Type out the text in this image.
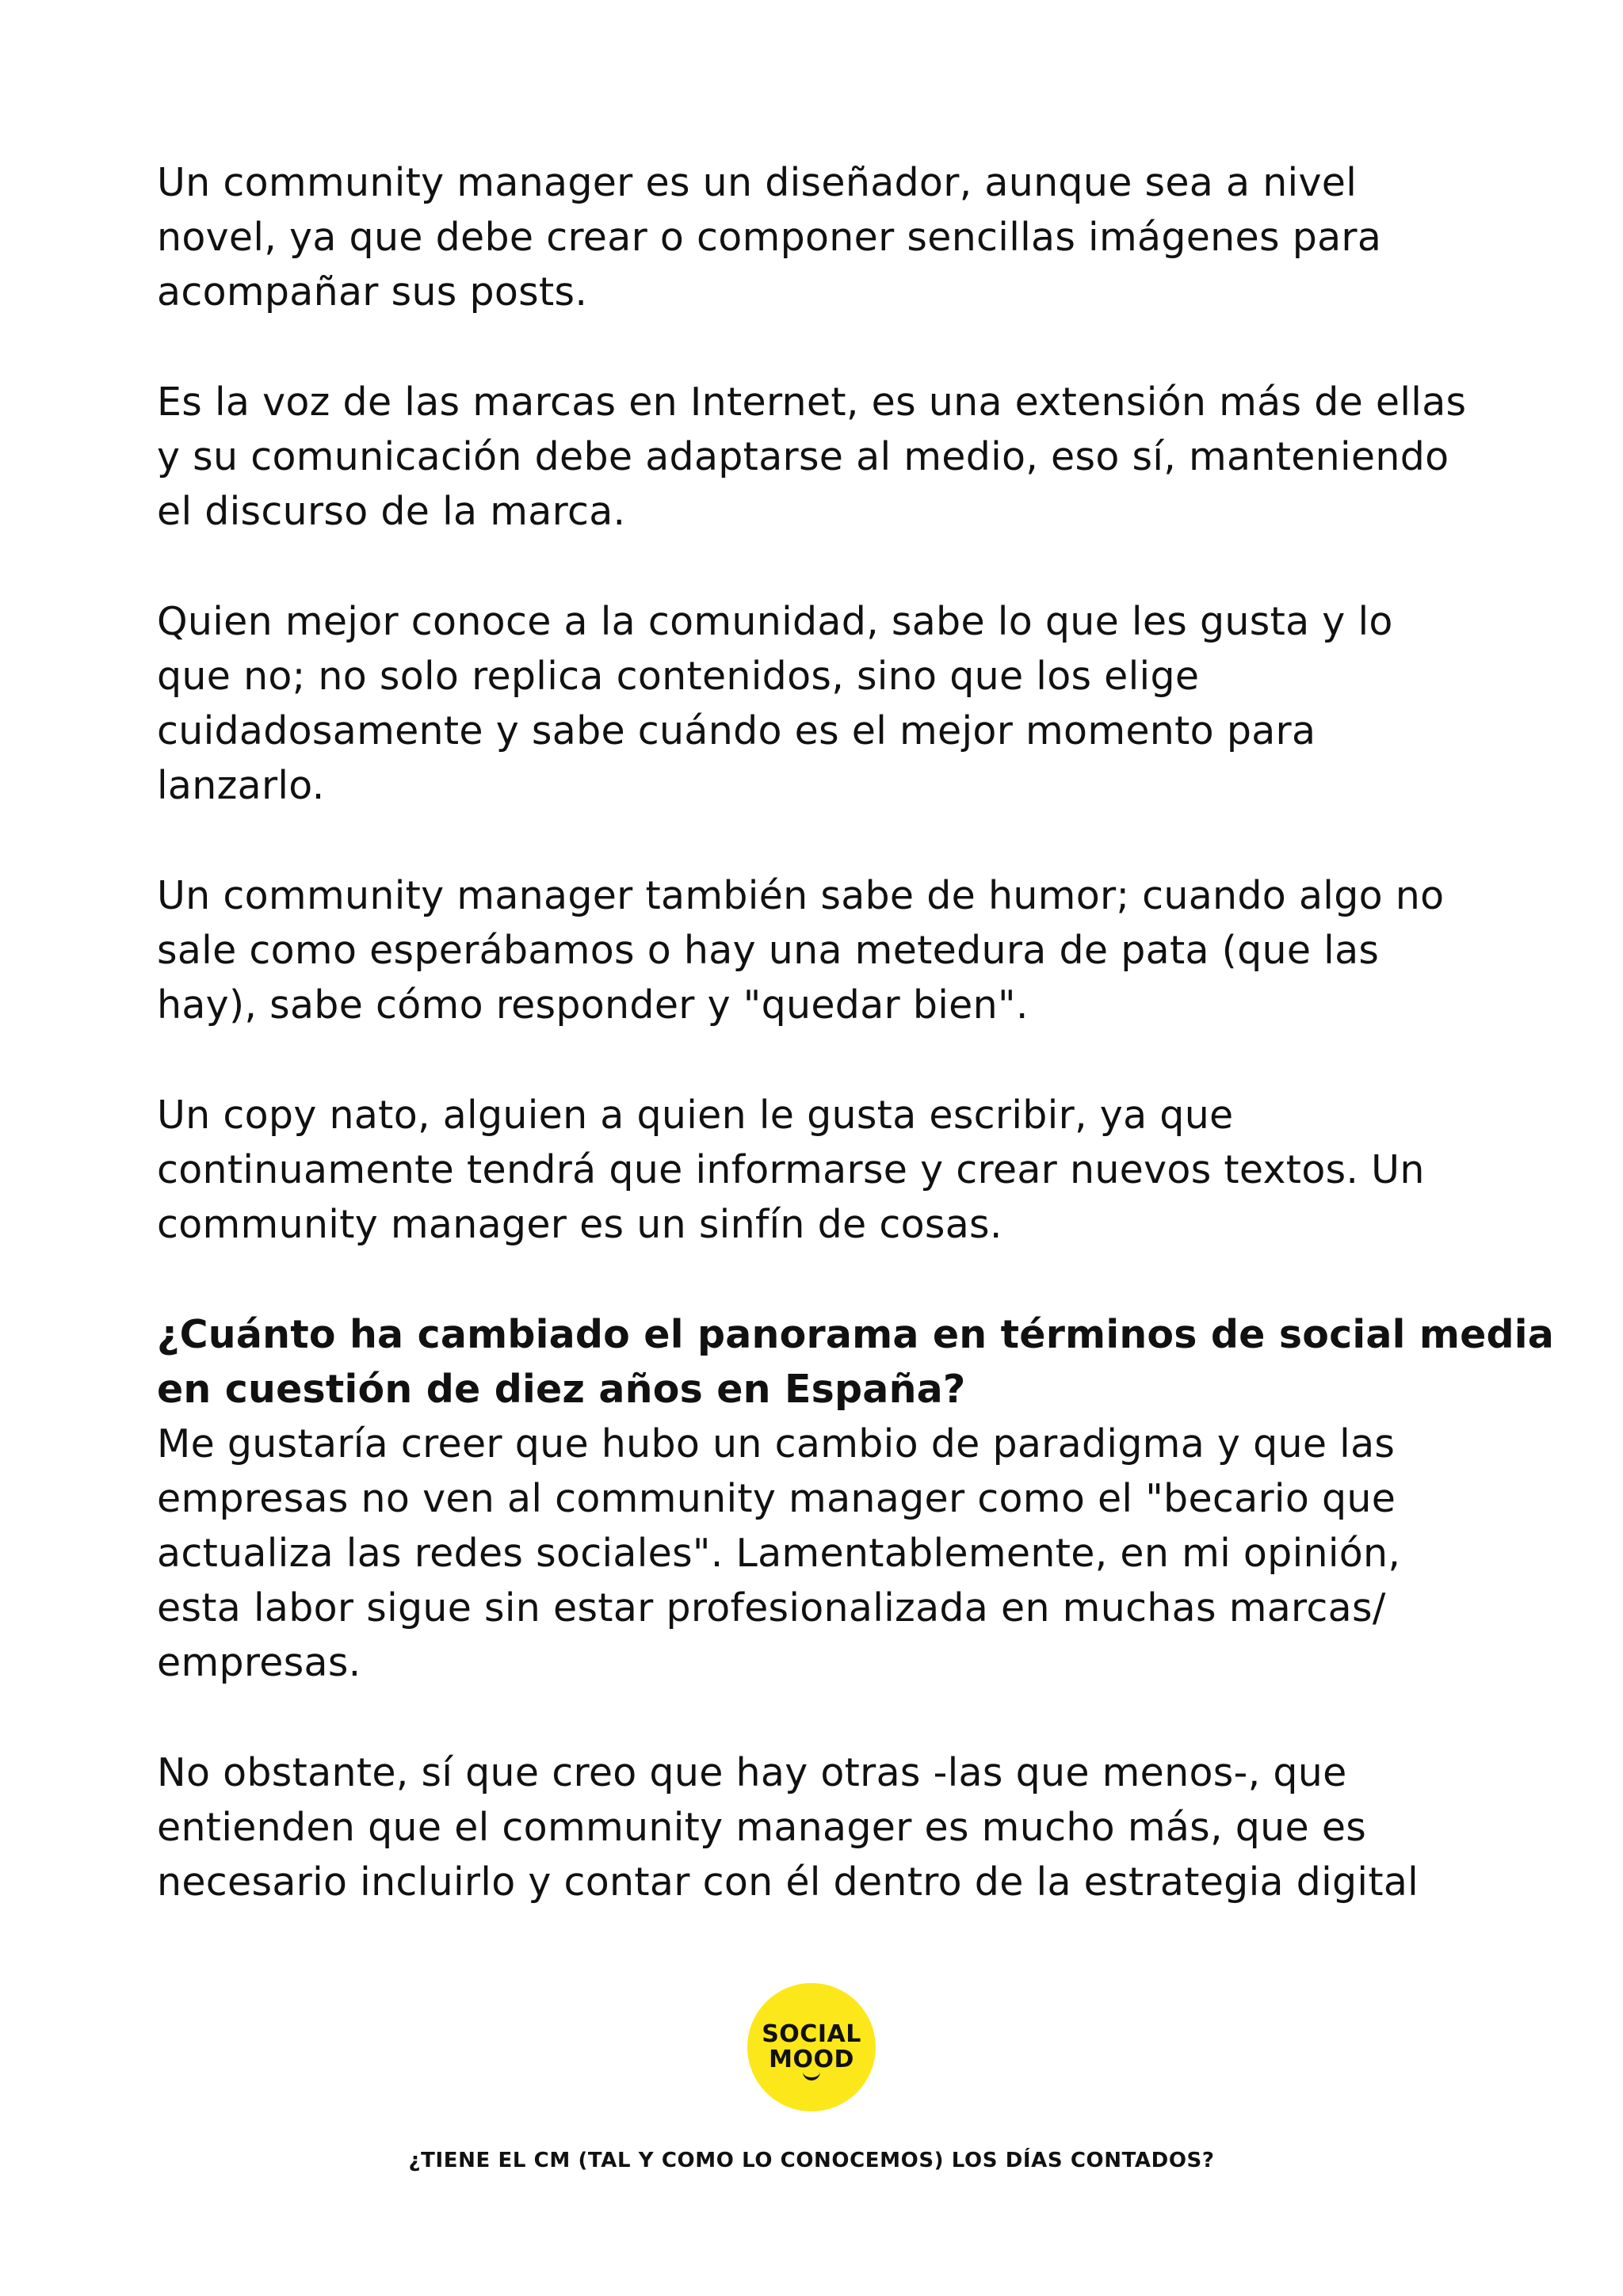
Un community manager es un diseñador, aunque sea a nivel
novel, ya que debe crear o componer sencillas imágenes para
acompañar sus posts.

Es la voz de las marcas en Internet, es una extensión más de ellas
y su comunicación debe adaptarse al medio, eso sí, manteniendo
el discurso de la marca.

Quien mejor conoce a la comunidad, sabe lo que les gusta y lo
que no; no solo replica contenidos, sino que los elige
cuidadosamente y sabe cuándo es el mejor momento para
lanzarlo.

Un community manager también sabe de humor; cuando algo no
sale como esperábamos o hay una metedura de pata (que las
hay), sabe cómo responder y "quedar bien".

Un copy nato, alguien a quien le gusta escribir, ya que
continuamente tendrá que informarse y crear nuevos textos. Un
community manager es un sinfín de cosas.

¿Cuánto ha cambiado el panorama en términos de social media
en cuestión de diez años en España?
Me gustaría creer que hubo un cambio de paradigma y que las
empresas no ven al community manager como el "becario que
actualiza las redes sociales". Lamentablemente, en mi opinión,
esta labor sigue sin estar profesionalizada en muchas marcas/
empresas.

No obstante, sí que creo que hay otras -las que menos-, que
entienden que el community manager es mucho más, que es
necesario incluirlo y contar con él dentro de la estrategia digital

SOCIAL
MOOD
¿TIENE EL CM (TAL Y COMO LO CONOCEMOS) LOS DÍAS CONTADOS?
